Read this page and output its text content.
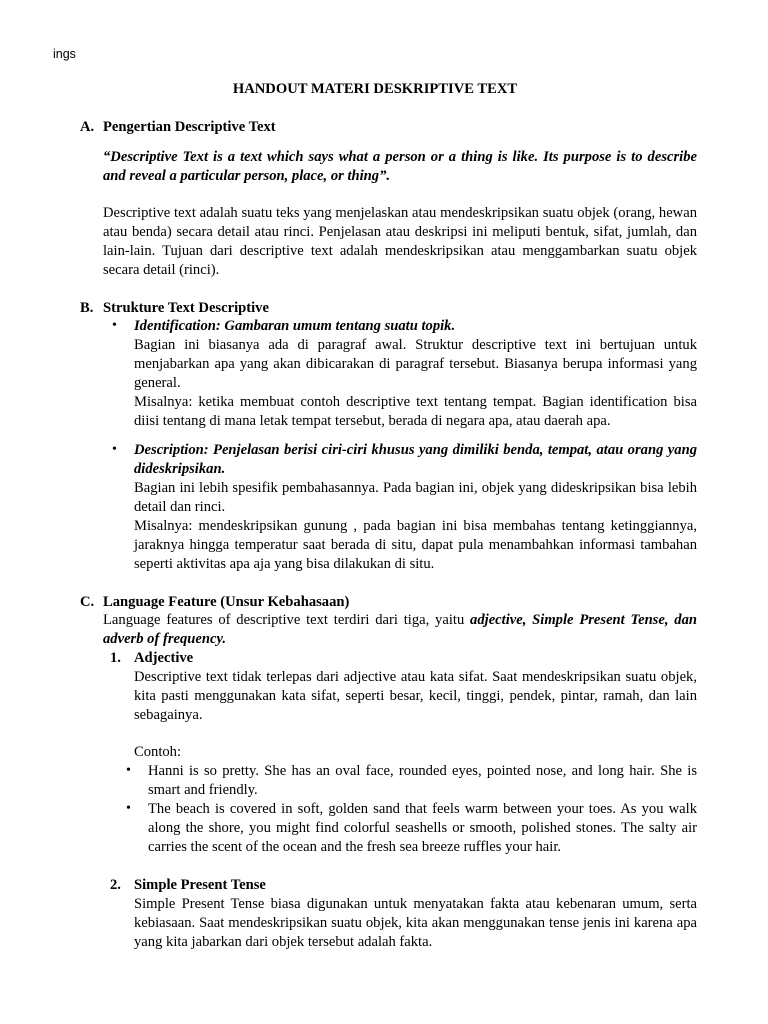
ings
HANDOUT MATERI DESKRIPTIVE TEXT
A. Pengertian Descriptive Text
“Descriptive Text is a text which says what a person or a thing is like. Its purpose is to describe and reveal a particular person, place, or thing”.
Descriptive text adalah suatu teks yang menjelaskan atau mendeskripsikan suatu objek (orang, hewan atau benda) secara detail atau rinci. Penjelasan atau deskripsi ini meliputi bentuk, sifat, jumlah, dan lain-lain. Tujuan dari descriptive text adalah mendeskripsikan atau menggambarkan suatu objek secara detail (rinci).
B. Strukture Text Descriptive
• Identification: Gambaran umum tentang suatu topik.
Bagian ini biasanya ada di paragraf awal. Struktur descriptive text ini bertujuan untuk menjabarkan apa yang akan dibicarakan di paragraf tersebut. Biasanya berupa informasi yang general.
Misalnya: ketika membuat contoh descriptive text tentang tempat. Bagian identification bisa diisi tentang di mana letak tempat tersebut, berada di negara apa, atau daerah apa.
• Description: Penjelasan berisi ciri-ciri khusus yang dimiliki benda, tempat, atau orang yang dideskripsikan.
Bagian ini lebih spesifik pembahasannya. Pada bagian ini, objek yang dideskripsikan bisa lebih detail dan rinci.
Misalnya: mendeskripsikan gunung , pada bagian ini bisa membahas tentang ketinggiannya, jaraknya hingga temperatur saat berada di situ, dapat pula menambahkan informasi tambahan seperti aktivitas apa aja yang bisa dilakukan di situ.
C. Language Feature (Unsur Kebahasaan)
Language features of descriptive text terdiri dari tiga, yaitu adjective, Simple Present Tense, dan adverb of frequency.
1. Adjective
Descriptive text tidak terlepas dari adjective atau kata sifat. Saat mendeskripsikan suatu objek, kita pasti menggunakan kata sifat, seperti besar, kecil, tinggi, pendek, pintar, ramah, dan lain sebagainya.
Contoh:
• Hanni is so pretty. She has an oval face, rounded eyes, pointed nose, and long hair. She is smart and friendly.
• The beach is covered in soft, golden sand that feels warm between your toes. As you walk along the shore, you might find colorful seashells or smooth, polished stones. The salty air carries the scent of the ocean and the fresh sea breeze ruffles your hair.
2. Simple Present Tense
Simple Present Tense biasa digunakan untuk menyatakan fakta atau kebenaran umum, serta kebiasaan. Saat mendeskripsikan suatu objek, kita akan menggunakan tense jenis ini karena apa yang kita jabarkan dari objek tersebut adalah fakta.
